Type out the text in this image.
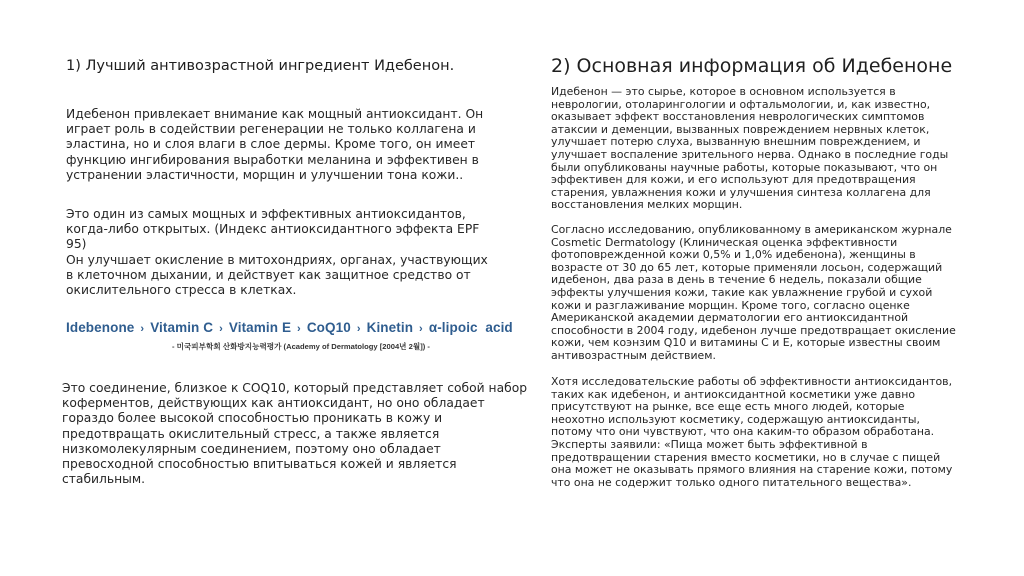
1) Лучший антивозрастной ингредиент Идебенон.

Идебенон привлекает внимание как мощный антиоксидант. Он играет роль в содействии регенерации не только коллагена и эластина, но и слоя влаги в слое дермы. Кроме того, он имеет функцию ингибирования выработки меланина и эффективен в устранении эластичности, морщин и улучшении тона кожи..

Это один из самых мощных и эффективных антиоксидантов, когда-либо открытых. (Индекс антиоксидантного эффекта EPF 95)

Он улучшает окисление в митохондриях, органах, участвующих в клеточном дыхании, и действует как защитное средство от окислительного стресса в клетках.

Idebenone › Vitamin C › Vitamin E › CoQ10 › Kinetin › α-lipoic  acid
- 미국피부학회 산화방지능력평가 (Academy of Dermatology [2004년 2월]) -

Это соединение, близкое к COQ10, который представляет собой набор коферментов, действующих как антиоксидант, но оно обладает гораздо более высокой способностью проникать в кожу и предотвращать окислительный стресс, а также является низкомолекулярным соединением, поэтому оно обладает превосходной способностью впитываться кожей и является стабильным.

2) Основная информация об Идебеноне

Идебенон — это сырье, которое в основном используется в неврологии, отоларингологии и офтальмологии, и, как известно, оказывает эффект восстановления неврологических симптомов атаксии и деменции, вызванных повреждением нервных клеток, улучшает потерю слуха, вызванную внешним повреждением, и улучшает воспаление зрительного нерва. Однако в последние годы были опубликованы научные работы, которые показывают, что он эффективен для кожи, и его используют для предотвращения старения, увлажнения кожи и улучшения синтеза коллагена для восстановления мелких морщин.

Согласно исследованию, опубликованному в американском журнале Cosmetic Dermatology (Клиническая оценка эффективности фотоповрежденной кожи 0,5% и 1,0% идебенона), женщины в возрасте от 30 до 65 лет, которые применяли лосьон, содержащий идебенон, два раза в день в течение 6 недель, показали общие эффекты улучшения кожи, такие как увлажнение грубой и сухой кожи и разглаживание морщин. Кроме того, согласно оценке Американской академии дерматологии его антиоксидантной способности в 2004 году, идебенон лучше предотвращает окисление кожи, чем коэнзим Q10 и витамины С и Е, которые известны своим антивозрастным действием.

Хотя исследовательские работы об эффективности антиоксидантов, таких как идебенон, и антиоксидантной косметики уже давно присутствуют на рынке, все еще есть много людей, которые неохотно используют косметику, содержащую антиоксиданты, потому что они чувствуют, что она каким-то образом обработана. Эксперты заявили: «Пища может быть эффективной в предотвращении старения вместо косметики, но в случае с пищей она может не оказывать прямого влияния на старение кожи, потому что она не содержит только одного питательного вещества».
